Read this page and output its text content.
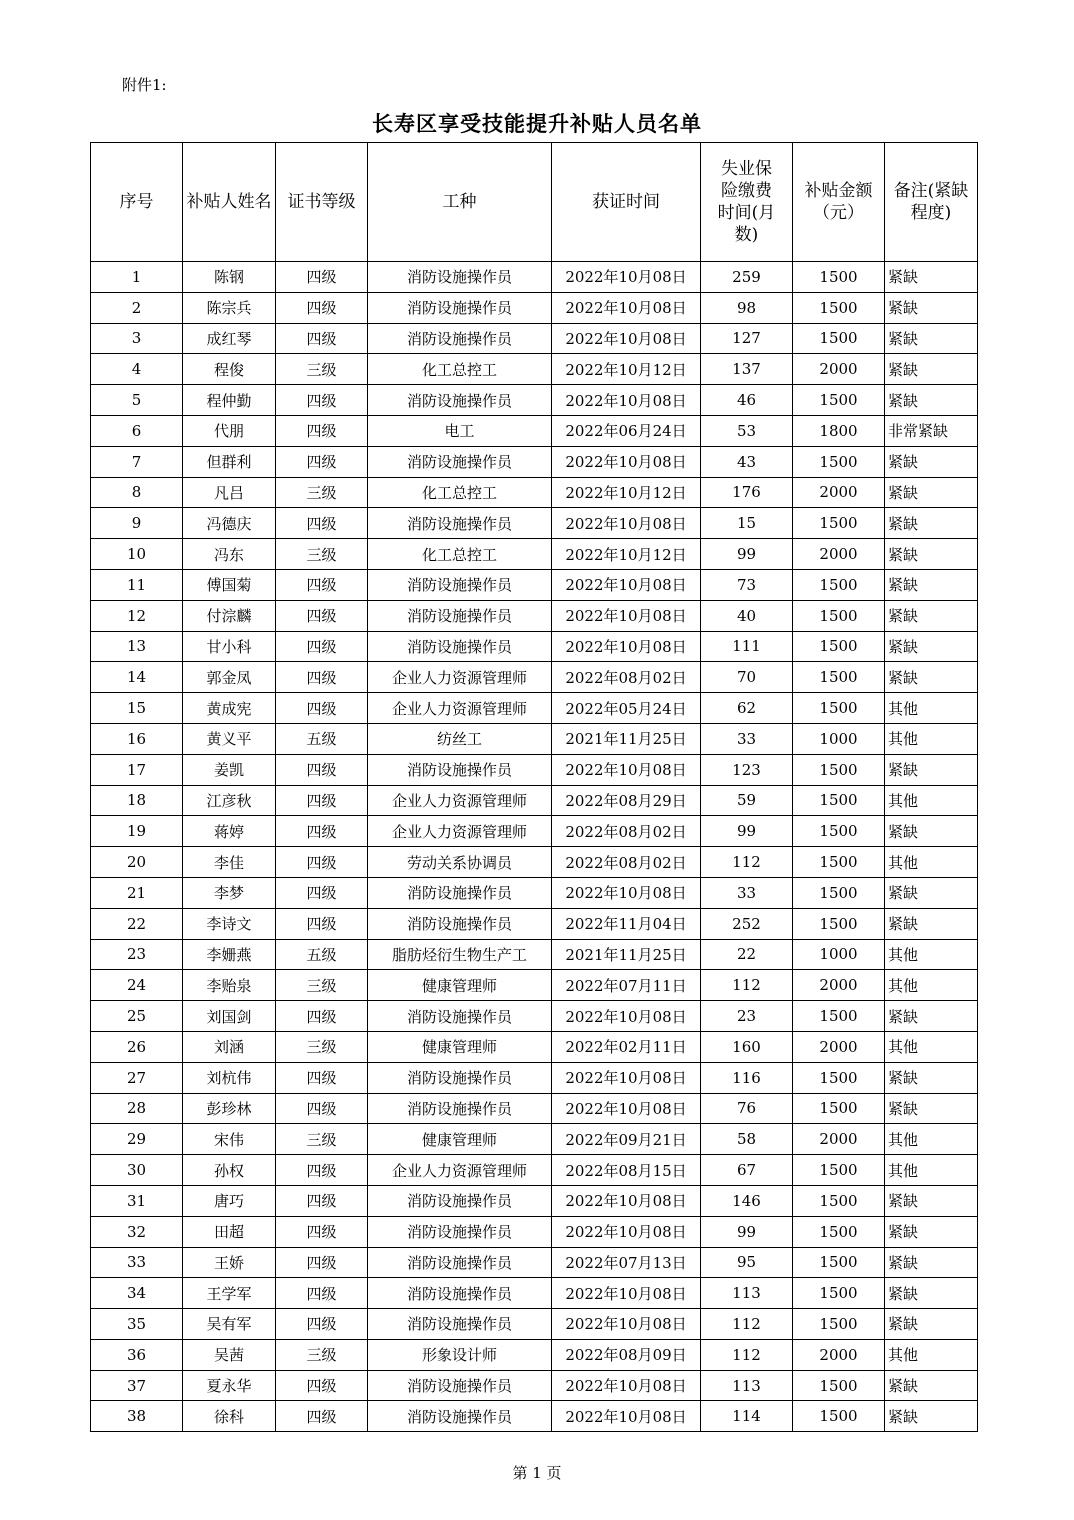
附件1:
长寿区享受技能提升补贴人员名单
序号	补贴人姓名	证书等级	工种	获证时间	失业保险缴费时间(月数)	补贴金额（元）	备注(紧缺程度)
1	陈钢	四级	消防设施操作员	2022年10月08日	259	1500	紧缺
2	陈宗兵	四级	消防设施操作员	2022年10月08日	98	1500	紧缺
3	成红琴	四级	消防设施操作员	2022年10月08日	127	1500	紧缺
4	程俊	三级	化工总控工	2022年10月12日	137	2000	紧缺
5	程仲勤	四级	消防设施操作员	2022年10月08日	46	1500	紧缺
6	代朋	四级	电工	2022年06月24日	53	1800	非常紧缺
7	但群利	四级	消防设施操作员	2022年10月08日	43	1500	紧缺
8	凡吕	三级	化工总控工	2022年10月12日	176	2000	紧缺
9	冯德庆	四级	消防设施操作员	2022年10月08日	15	1500	紧缺
10	冯东	三级	化工总控工	2022年10月12日	99	2000	紧缺
11	傅国菊	四级	消防设施操作员	2022年10月08日	73	1500	紧缺
12	付淙麟	四级	消防设施操作员	2022年10月08日	40	1500	紧缺
13	甘小科	四级	消防设施操作员	2022年10月08日	111	1500	紧缺
14	郭金凤	四级	企业人力资源管理师	2022年08月02日	70	1500	紧缺
15	黄成宪	四级	企业人力资源管理师	2022年05月24日	62	1500	其他
16	黄义平	五级	纺丝工	2021年11月25日	33	1000	其他
17	姜凯	四级	消防设施操作员	2022年10月08日	123	1500	紧缺
18	江彦秋	四级	企业人力资源管理师	2022年08月29日	59	1500	其他
19	蒋婷	四级	企业人力资源管理师	2022年08月02日	99	1500	紧缺
20	李佳	四级	劳动关系协调员	2022年08月02日	112	1500	其他
21	李梦	四级	消防设施操作员	2022年10月08日	33	1500	紧缺
22	李诗文	四级	消防设施操作员	2022年11月04日	252	1500	紧缺
23	李姗燕	五级	脂肪烃衍生物生产工	2021年11月25日	22	1000	其他
24	李贻泉	三级	健康管理师	2022年07月11日	112	2000	其他
25	刘国剑	四级	消防设施操作员	2022年10月08日	23	1500	紧缺
26	刘涵	三级	健康管理师	2022年02月11日	160	2000	其他
27	刘杭伟	四级	消防设施操作员	2022年10月08日	116	1500	紧缺
28	彭珍林	四级	消防设施操作员	2022年10月08日	76	1500	紧缺
29	宋伟	三级	健康管理师	2022年09月21日	58	2000	其他
30	孙权	四级	企业人力资源管理师	2022年08月15日	67	1500	其他
31	唐巧	四级	消防设施操作员	2022年10月08日	146	1500	紧缺
32	田超	四级	消防设施操作员	2022年10月08日	99	1500	紧缺
33	王娇	四级	消防设施操作员	2022年07月13日	95	1500	紧缺
34	王学军	四级	消防设施操作员	2022年10月08日	113	1500	紧缺
35	吴有军	四级	消防设施操作员	2022年10月08日	112	1500	紧缺
36	吴茜	三级	形象设计师	2022年08月09日	112	2000	其他
37	夏永华	四级	消防设施操作员	2022年10月08日	113	1500	紧缺
38	徐科	四级	消防设施操作员	2022年10月08日	114	1500	紧缺
第 1 页
